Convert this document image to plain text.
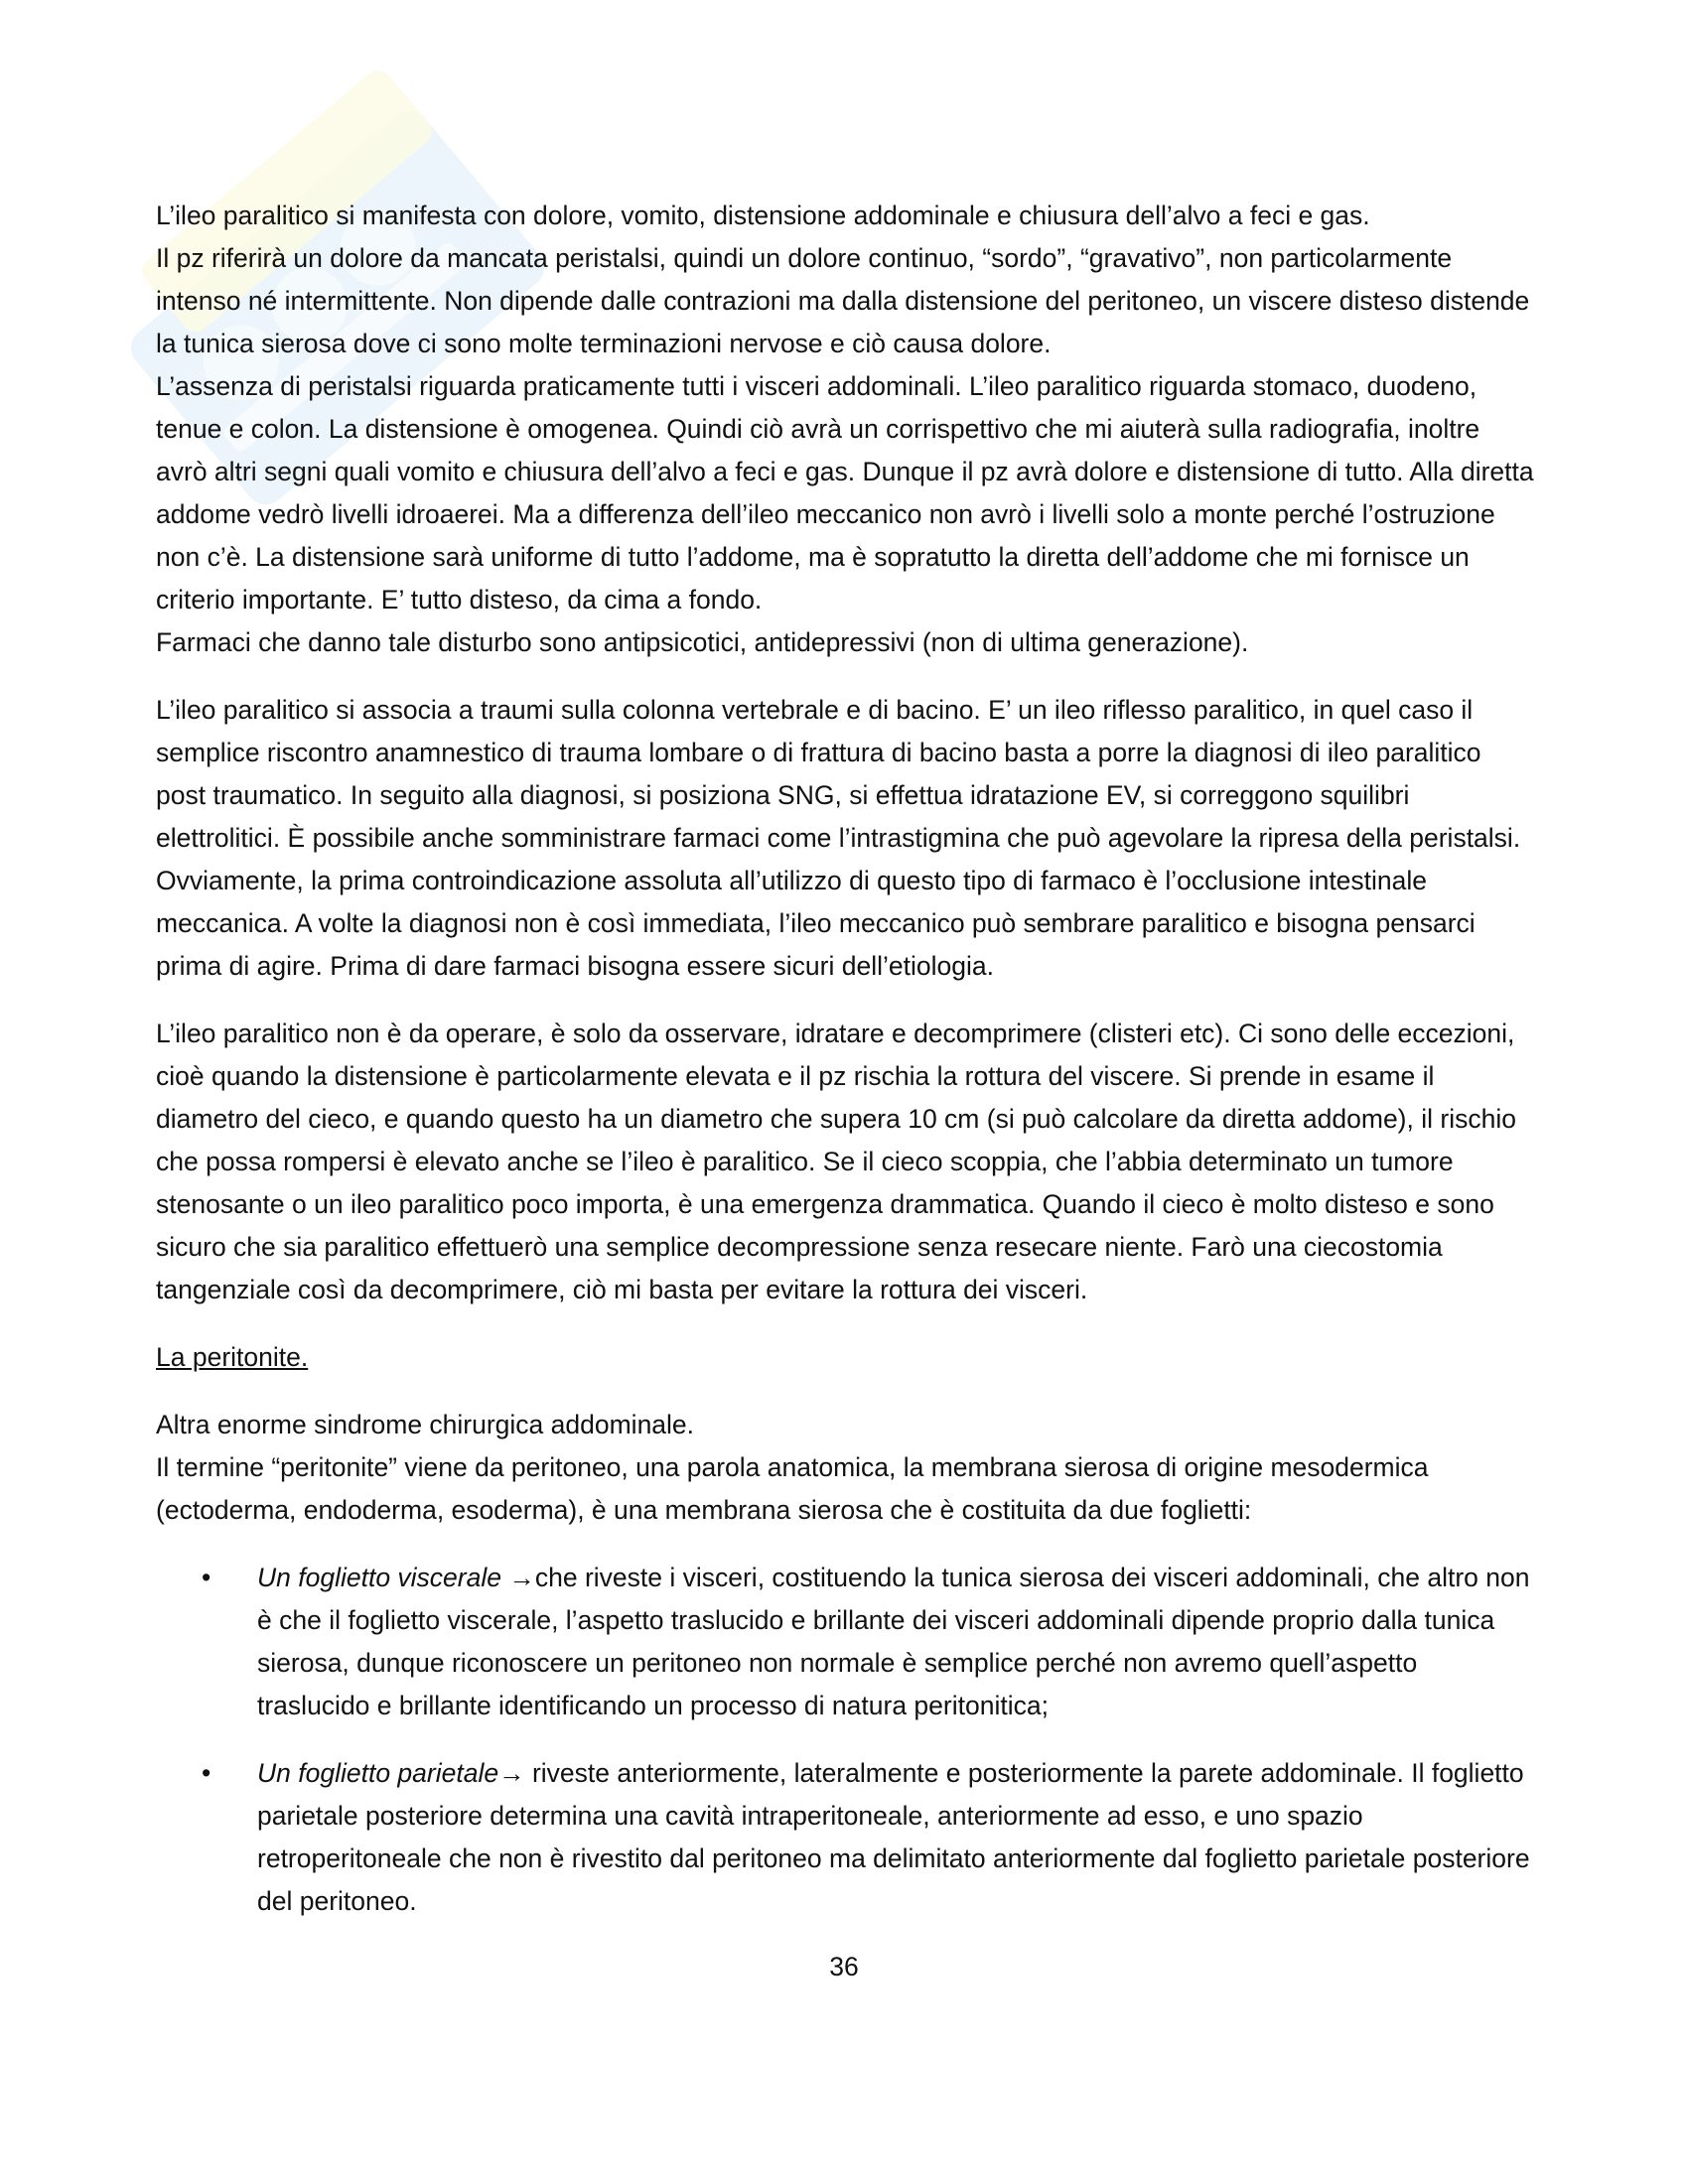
L’ileo paralitico si manifesta con dolore, vomito, distensione addominale e chiusura dell’alvo a feci e gas.
Il pz riferirà un dolore da mancata peristalsi, quindi un dolore continuo, “sordo”, “gravativo”, non particolarmente intenso né intermittente. Non dipende dalle contrazioni ma dalla distensione del peritoneo, un viscere disteso distende la tunica sierosa dove ci sono molte terminazioni nervose e ciò causa dolore.
L’assenza di peristalsi riguarda praticamente tutti i visceri addominali. L’ileo paralitico riguarda stomaco, duodeno, tenue e colon. La distensione è omogenea. Quindi ciò avrà un corrispettivo che mi aiuterà sulla radiografia, inoltre avrò altri segni quali vomito e chiusura dell’alvo a feci e gas. Dunque il pz avrà dolore e distensione di tutto. Alla diretta addome vedrò livelli idroaerei. Ma a differenza dell’ileo meccanico non avrò i livelli solo a monte perché l’ostruzione non c’è. La distensione sarà uniforme di tutto l’addome, ma è sopratutto la diretta dell’addome che mi fornisce un criterio importante. E’ tutto disteso, da cima a fondo.
Farmaci che danno tale disturbo sono antipsicotici, antidepressivi (non di ultima generazione).

L’ileo paralitico si associa a traumi sulla colonna vertebrale e di bacino. E’ un ileo riflesso paralitico, in quel caso il semplice riscontro anamnestico di trauma lombare o di frattura di bacino basta a porre la diagnosi di ileo paralitico post traumatico. In seguito alla diagnosi, si posiziona SNG, si effettua idratazione EV, si correggono squilibri elettrolitici. È possibile anche somministrare farmaci come l’intrastigmina che può agevolare la ripresa della peristalsi. Ovviamente, la prima controindicazione assoluta all’utilizzo di questo tipo di farmaco è l’occlusione intestinale meccanica. A volte la diagnosi non è così immediata, l’ileo meccanico può sembrare paralitico e bisogna pensarci prima di agire. Prima di dare farmaci bisogna essere sicuri dell’etiologia.

L’ileo paralitico non è da operare, è solo da osservare, idratare e decomprimere (clisteri etc). Ci sono delle eccezioni, cioè quando la distensione è particolarmente elevata e il pz rischia la rottura del viscere. Si prende in esame il diametro del cieco, e quando questo ha un diametro che supera 10 cm (si può calcolare da diretta addome), il rischio che possa rompersi è elevato anche se l’ileo è paralitico. Se il cieco scoppia, che l’abbia determinato un tumore stenosante o un ileo paralitico poco importa, è una emergenza drammatica. Quando il cieco è molto disteso e sono sicuro che sia paralitico effettuerò una semplice decompressione senza resecare niente. Farò una ciecostomia tangenziale così da decomprimere, ciò mi basta per evitare la rottura dei visceri.

La peritonite.

Altra enorme sindrome chirurgica addominale.
Il termine “peritonite” viene da peritoneo, una parola anatomica, la membrana sierosa di origine mesodermica (ectoderma, endoderma, esoderma), è una membrana sierosa che è costituita da due foglietti:

• Un foglietto viscerale →che riveste i visceri, costituendo la tunica sierosa dei visceri addominali, che altro non è che il foglietto viscerale, l’aspetto traslucido e brillante dei visceri addominali dipende proprio dalla tunica sierosa, dunque riconoscere un peritoneo non normale è semplice perché non avremo quell’aspetto traslucido e brillante identificando un processo di natura peritonitica;
• Un foglietto parietale→ riveste anteriormente, lateralmente e posteriormente la parete addominale. Il foglietto parietale posteriore determina una cavità intraperitoneale, anteriormente ad esso, e uno spazio retroperitoneale che non è rivestito dal peritoneo ma delimitato anteriormente dal foglietto parietale posteriore del peritoneo.
36
